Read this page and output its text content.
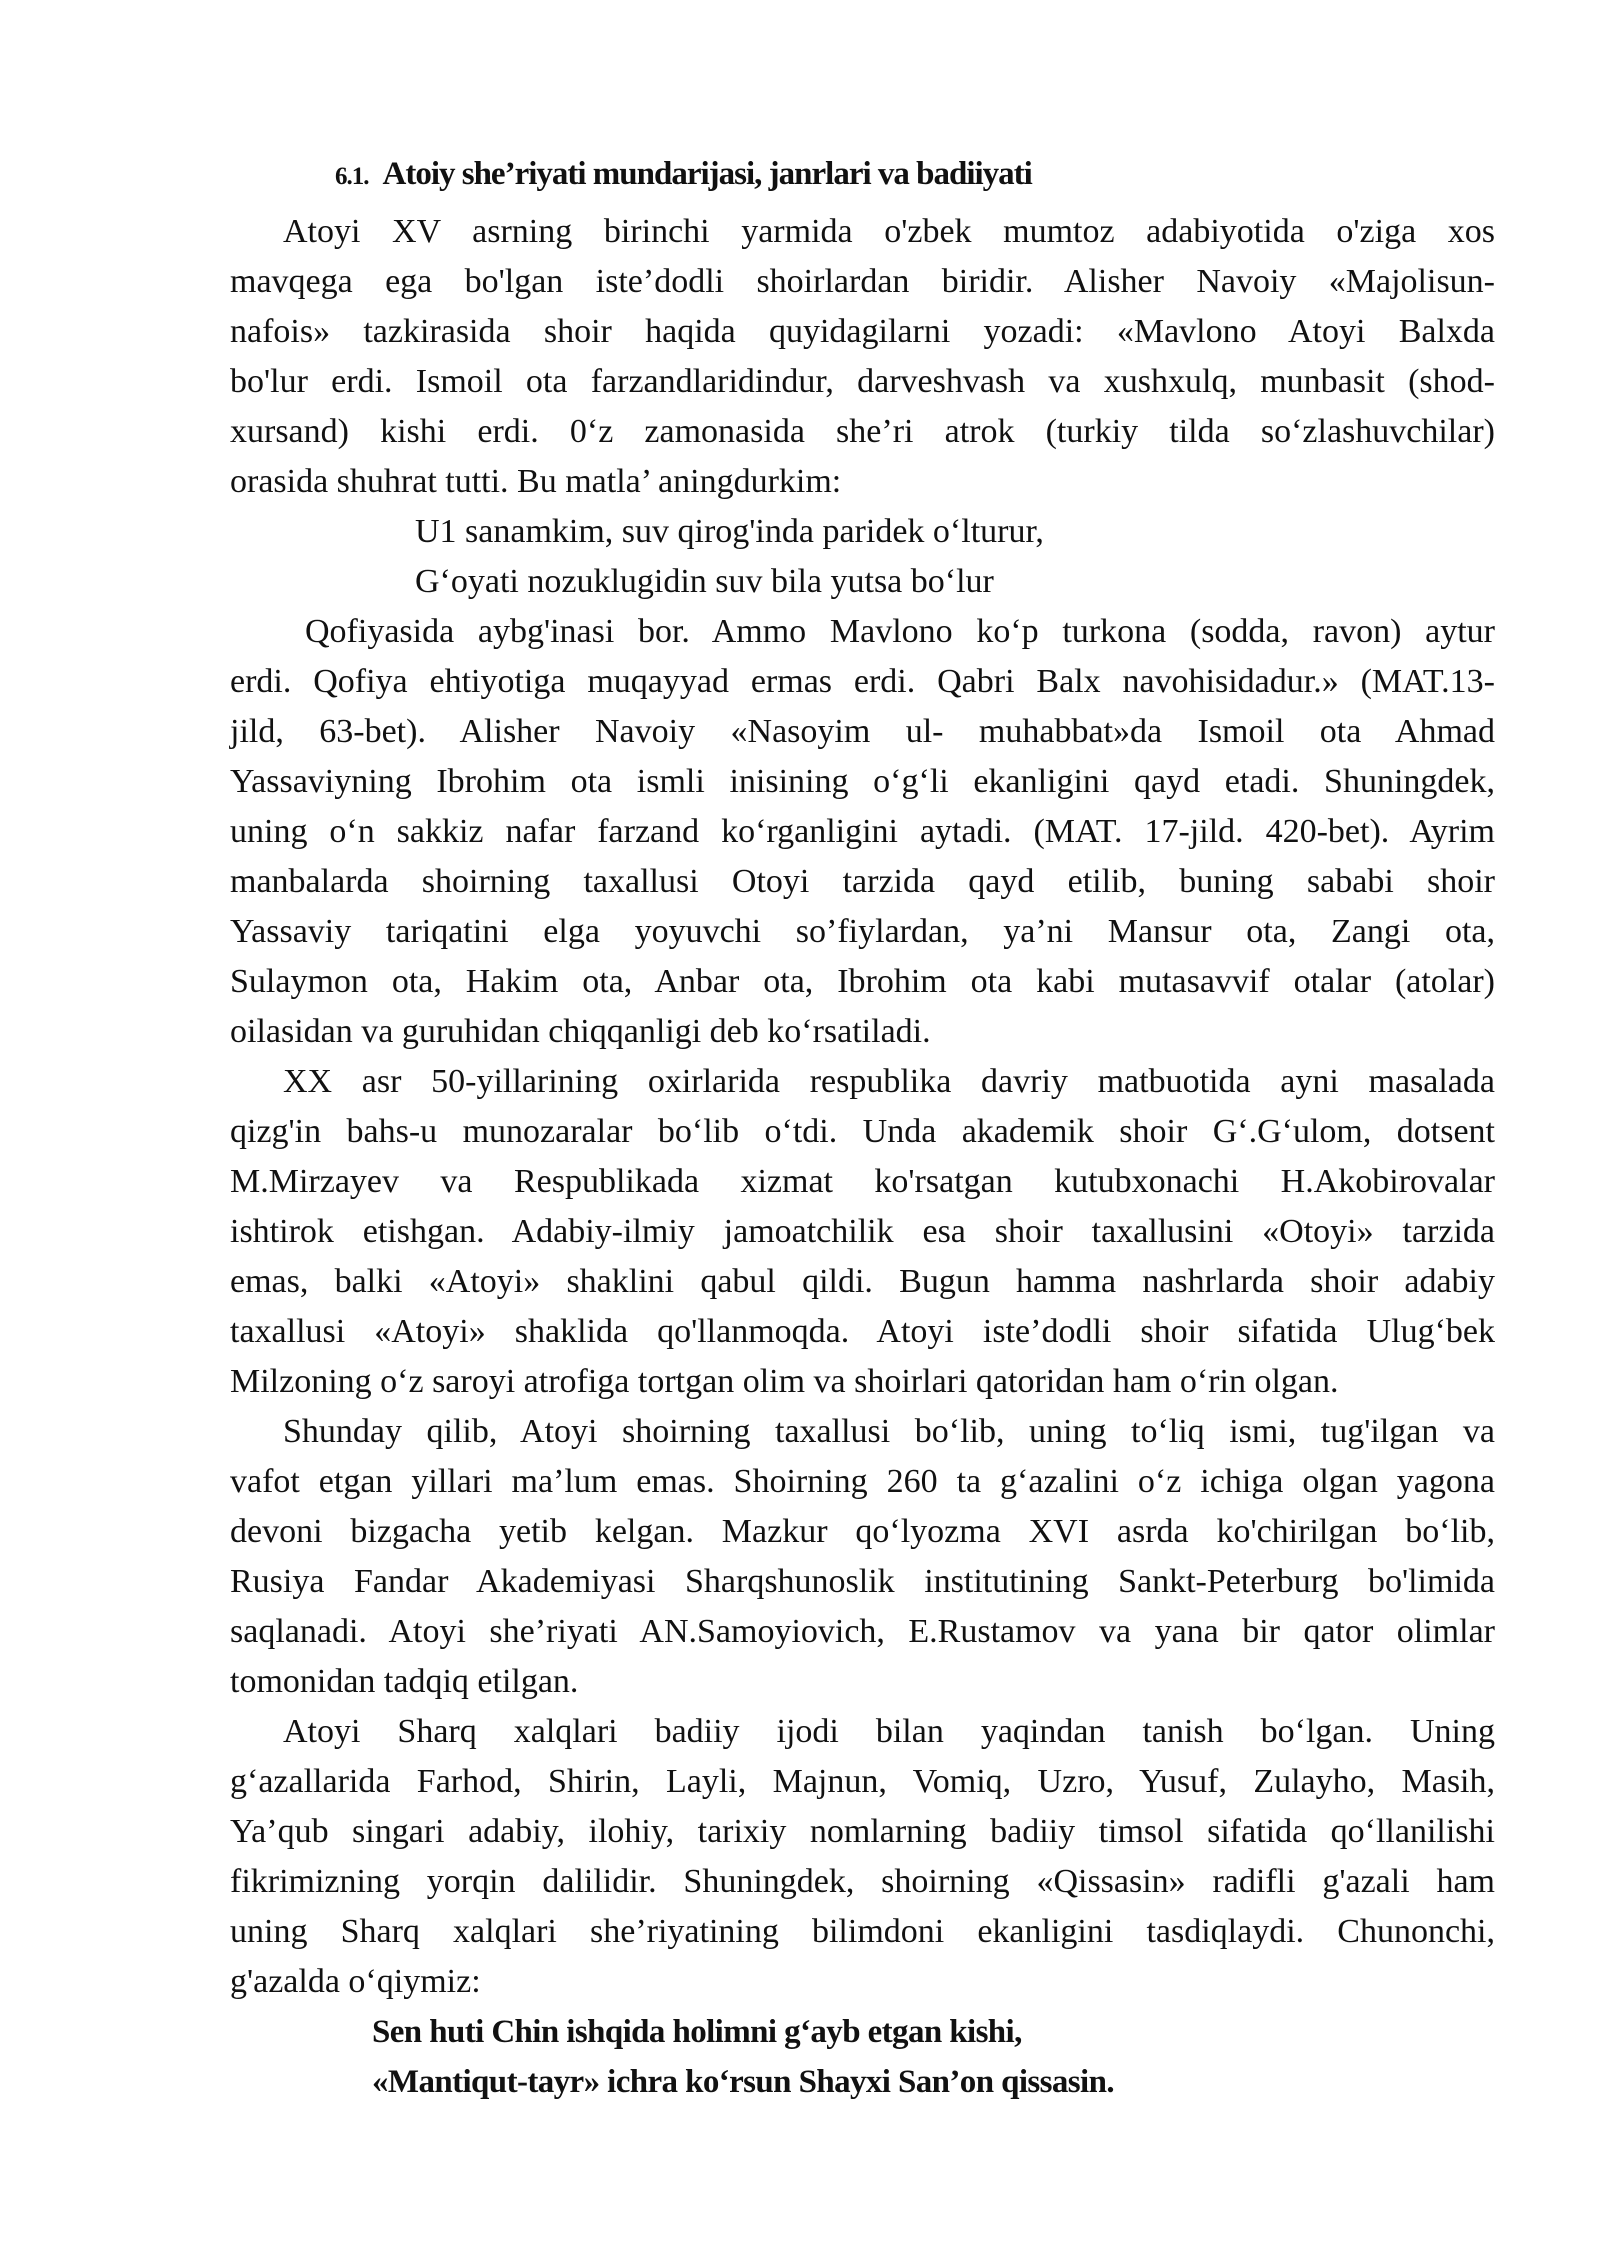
6.1. Atoiy she’riyati mundarijasi, janrlari va badiiyati
Atoyi XV asrning birinchi yarmida o'zbek mumtoz adabiyotida o'ziga xos
mavqega ega bo'lgan iste’dodli shoirlardan biridir. Alisher Navoiy «Majolisun-
nafois» tazkirasida shoir haqida quyidagilarni yozadi: «Mavlono Atoyi Balxda
bo'lur erdi. Ismoil ota farzandlaridindur, darveshvash va xushxulq, munbasit (shod-
xursand) kishi erdi. 0‘z zamonasida she’ri atrok (turkiy tilda so‘zlashuvchilar)
orasida shuhrat tutti. Bu matla’ aningdurkim:
U1 sanamkim, suv qirog'inda paridek o‘lturur,
G‘oyati nozuklugidin suv bila yutsa bo‘lur
Qofiyasida aybg'inasi bor. Ammo Mavlono ko‘p turkona (sodda, ravon) aytur
erdi. Qofiya ehtiyotiga muqayyad ermas erdi. Qabri Balx navohisidadur.» (MAT.13-
jild, 63-bet). Alisher Navoiy «Nasoyim ul- muhabbat»da Ismoil ota Ahmad
Yassaviyning Ibrohim ota ismli inisining o‘g‘li ekanligini qayd etadi. Shuningdek,
uning o‘n sakkiz nafar farzand ko‘rganligini aytadi. (MAT. 17-jild. 420-bet). Ayrim
manbalarda shoirning taxallusi Otoyi tarzida qayd etilib, buning sababi shoir
Yassaviy tariqatini elga yoyuvchi so’fiylardan, ya’ni Mansur ota, Zangi ota,
Sulaymon ota, Hakim ota, Anbar ota, Ibrohim ota kabi mutasavvif otalar (atolar)
oilasidan va guruhidan chiqqanligi deb ko‘rsatiladi.
XX asr 50-yillarining oxirlarida respublika davriy matbuotida ayni masalada
qizg'in bahs-u munozaralar bo‘lib o‘tdi. Unda akademik shoir G‘.G‘ulom, dotsent
M.Mirzayev va Respublikada xizmat ko'rsatgan kutubxonachi H.Akobirovalar
ishtirok etishgan. Adabiy-ilmiy jamoatchilik esa shoir taxallusini «Otoyi» tarzida
emas, balki «Atoyi» shaklini qabul qildi. Bugun hamma nashrlarda shoir adabiy
taxallusi «Atoyi» shaklida qo'llanmoqda. Atoyi iste’dodli shoir sifatida Ulug‘bek
Milzoning o‘z saroyi atrofiga tortgan olim va shoirlari qatoridan ham o‘rin olgan.
Shunday qilib, Atoyi shoirning taxallusi bo‘lib, uning to‘liq ismi, tug'ilgan va
vafot etgan yillari ma’lum emas. Shoirning 260 ta g‘azalini o‘z ichiga olgan yagona
devoni bizgacha yetib kelgan. Mazkur qo‘lyozma XVI asrda ko'chirilgan bo‘lib,
Rusiya Fandar Akademiyasi Sharqshunoslik institutining Sankt-Peterburg bo'limida
saqlanadi. Atoyi she’riyati AN.Samoyiovich, E.Rustamov va yana bir qator olimlar
tomonidan tadqiq etilgan.
Atoyi Sharq xalqlari badiiy ijodi bilan yaqindan tanish bo‘lgan. Uning
g‘azallarida Farhod, Shirin, Layli, Majnun, Vomiq, Uzro, Yusuf, Zulayho, Masih,
Ya’qub singari adabiy, ilohiy, tarixiy nomlarning badiiy timsol sifatida qo‘llanilishi
fikrimizning yorqin dalilidir. Shuningdek, shoirning «Qissasin» radifli g'azali ham
uning Sharq xalqlari she’riyatining bilimdoni ekanligini tasdiqlaydi. Chunonchi,
g'azalda o‘qiymiz:
Sen huti Chin ishqida holimni g‘ayb etgan kishi,
«Mantiqut-tayr» ichra ko‘rsun Shayxi San’on qissasin.
